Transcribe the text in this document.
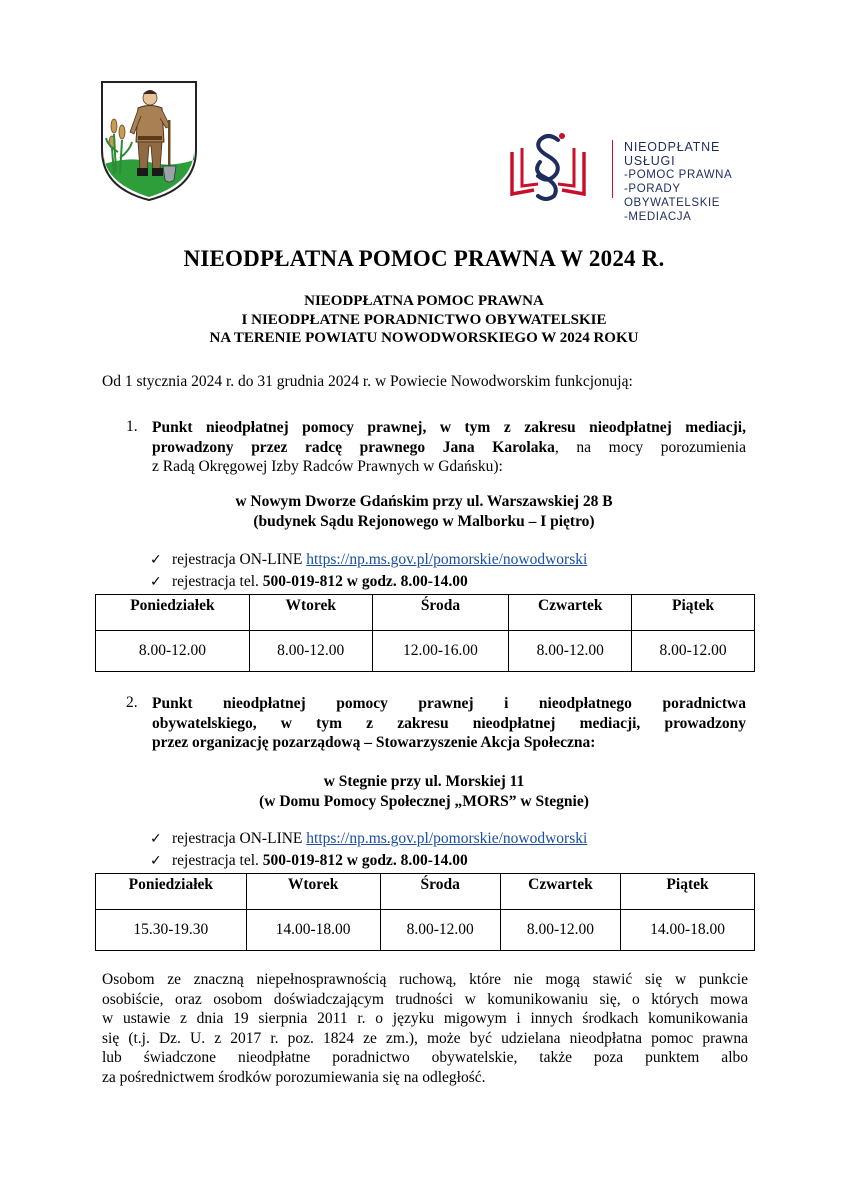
NIEODPŁATNE USŁUGI
-POMOC PRAWNA
-PORADY OBYWATELSKIE
-MEDIACJA
NIEODPŁATNA POMOC PRAWNA W 2024 R.
NIEODPŁATNA POMOC PRAWNA
I NIEODPŁATNE PORADNICTWO OBYWATELSKIE
NA TERENIE POWIATU NOWODWORSKIEGO W 2024 ROKU
Od 1 stycznia 2024 r. do 31 grudnia 2024 r. w Powiecie Nowodworskim funkcjonują:
1. Punkt nieodpłatnej pomocy prawnej, w tym z zakresu nieodpłatnej mediacji,
prowadzony przez radcę prawnego Jana Karolaka, na mocy porozumienia
z Radą Okręgowej Izby Radców Prawnych w Gdańsku):
w Nowym Dworze Gdańskim przy ul. Warszawskiej 28 B
(budynek Sądu Rejonowego w Malborku – I piętro)
✓ rejestracja ON-LINE https://np.ms.gov.pl/pomorskie/nowodworski
✓ rejestracja tel. 500-019-812 w godz. 8.00-14.00
Poniedziałek	Wtorek	Środa	Czwartek	Piątek
8.00-12.00	8.00-12.00	12.00-16.00	8.00-12.00	8.00-12.00
2. Punkt nieodpłatnej pomocy prawnej i nieodpłatnego poradnictwa
obywatelskiego, w tym z zakresu nieodpłatnej mediacji, prowadzony
przez organizację pozarządową – Stowarzyszenie Akcja Społeczna:
w Stegnie przy ul. Morskiej 11
(w Domu Pomocy Społecznej „MORS” w Stegnie)
✓ rejestracja ON-LINE https://np.ms.gov.pl/pomorskie/nowodworski
✓ rejestracja tel. 500-019-812 w godz. 8.00-14.00
Poniedziałek	Wtorek	Środa	Czwartek	Piątek
15.30-19.30	14.00-18.00	8.00-12.00	8.00-12.00	14.00-18.00
Osobom ze znaczną niepełnosprawnością ruchową, które nie mogą stawić się w punkcie
osobiście, oraz osobom doświadczającym trudności w komunikowaniu się, o których mowa
w ustawie z dnia 19 sierpnia 2011 r. o języku migowym i innych środkach komunikowania
się (t.j. Dz. U. z 2017 r. poz. 1824 ze zm.), może być udzielana nieodpłatna pomoc prawna
lub świadczone nieodpłatne poradnictwo obywatelskie, także poza punktem albo
za pośrednictwem środków porozumiewania się na odległość.
